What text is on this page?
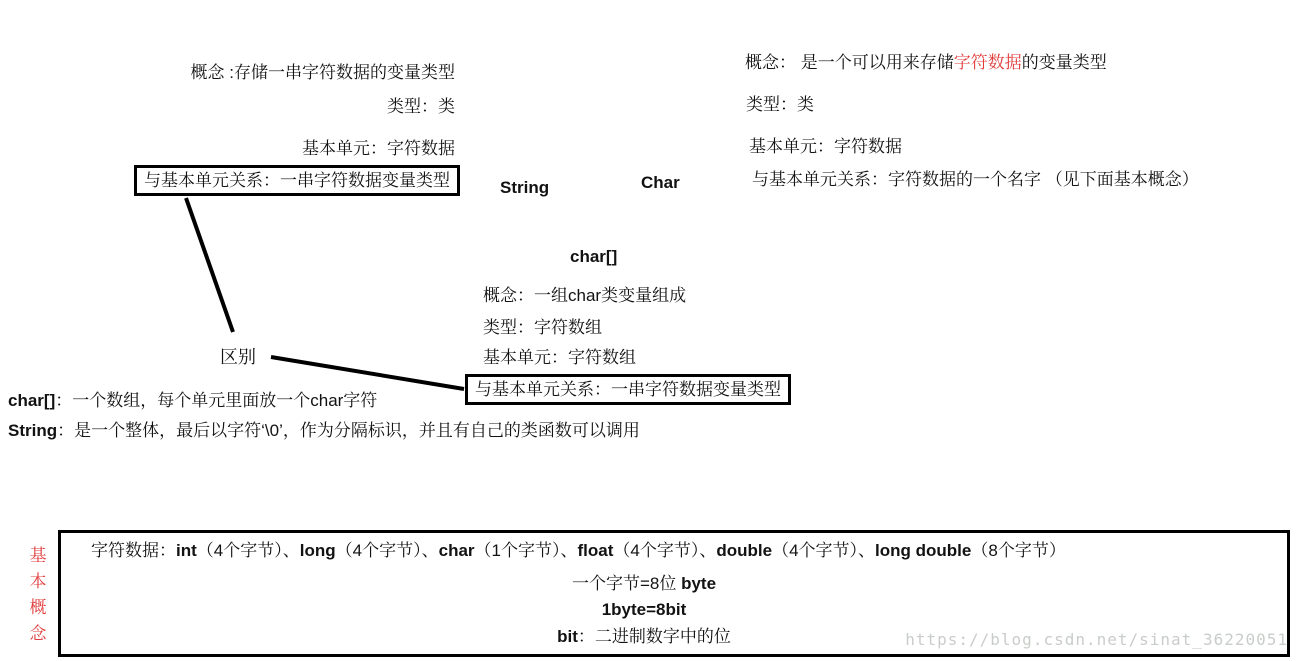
概念 :存储一串字符数据的变量类型
类型：类
基本单元：字符数据
与基本单元关系：一串字符数据变量类型	String	Char
概念： 是一个可以用来存储字符数据的变量类型
类型：类
基本单元：字符数据
与基本单元关系：字符数据的一个名字 （见下面基本概念）
char[]
概念：一组char类变量组成
类型：字符数组
基本单元：字符数组
与基本单元关系：一串字符数据变量类型
区别
char[]：一个数组，每个单元里面放一个char字符
String：是一个整体，最后以字符‘\0’，作为分隔标识，并且有自己的类函数可以调用
基本概念
字符数据：int（4个字节）、long（4个字节）、char（1个字节）、float（4个字节）、double（4个字节）、long double（8个字节）
一个字节=8位 byte
1byte=8bit
bit：二进制数字中的位	https://blog.csdn.net/sinat_36220051
